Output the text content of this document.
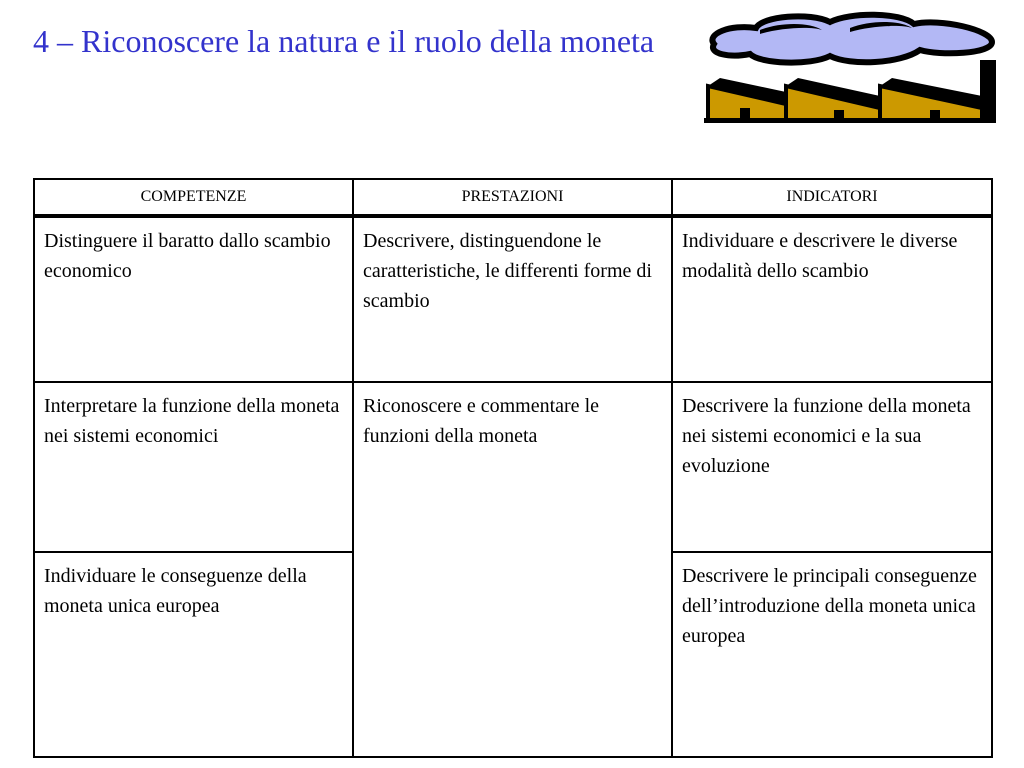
4 – Riconoscere la natura e il ruolo della moneta
COMPETENZE	PRESTAZIONI	INDICATORI
Distinguere il baratto dallo scambio economico	Descrivere, distinguendone le caratteristiche, le differenti forme di scambio	Individuare e descrivere le diverse modalità dello scambio
Interpretare la funzione della moneta nei sistemi economici	Riconoscere e commentare le funzioni della moneta	Descrivere la funzione della moneta nei sistemi economici e la sua evoluzione
Individuare le conseguenze della moneta unica europea		Descrivere le principali conseguenze dell’introduzione della moneta unica europea
